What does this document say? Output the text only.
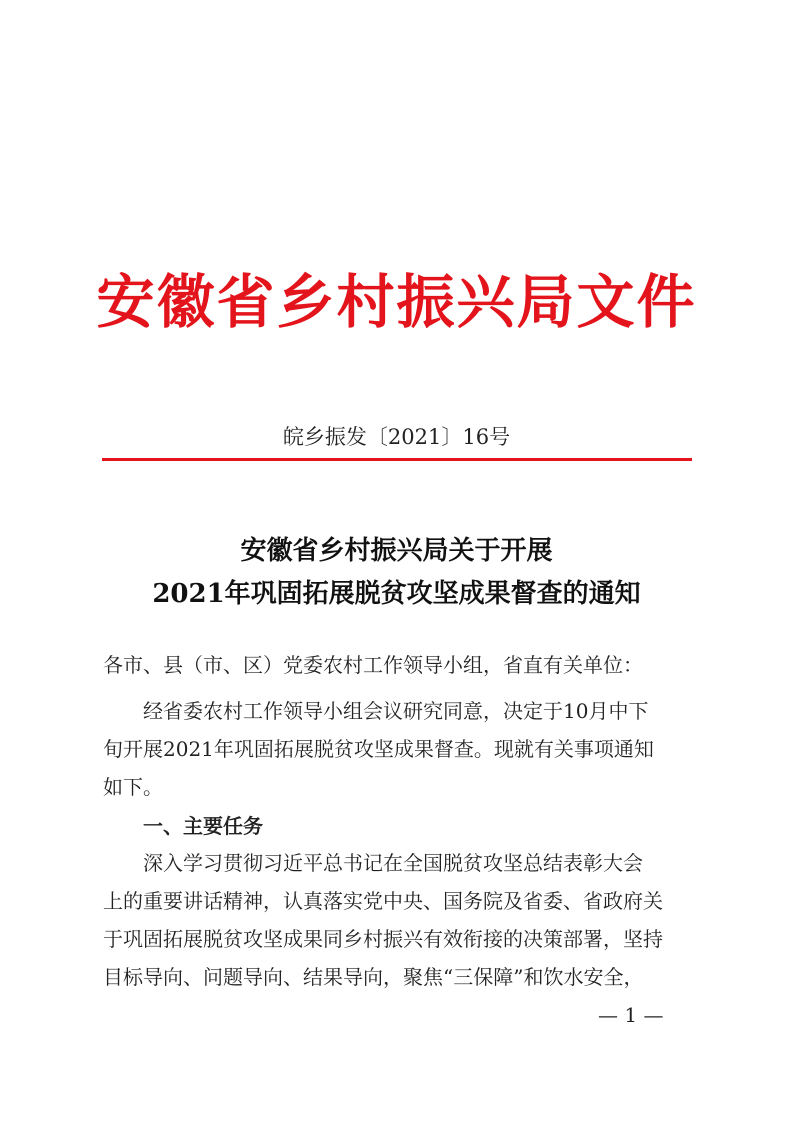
安徽省乡村振兴局文件
皖乡振发〔2021〕16号
安徽省乡村振兴局关于开展
2021年巩固拓展脱贫攻坚成果督查的通知
各市、县（市、区）党委农村工作领导小组，省直有关单位：
经省委农村工作领导小组会议研究同意，决定于10月中下
旬开展2021年巩固拓展脱贫攻坚成果督查。现就有关事项通知
如下。
一、主要任务
深入学习贯彻习近平总书记在全国脱贫攻坚总结表彰大会
上的重要讲话精神，认真落实党中央、国务院及省委、省政府关
于巩固拓展脱贫攻坚成果同乡村振兴有效衔接的决策部署，坚持
目标导向、问题导向、结果导向，聚焦“三保障”和饮水安全，
— 1 —
